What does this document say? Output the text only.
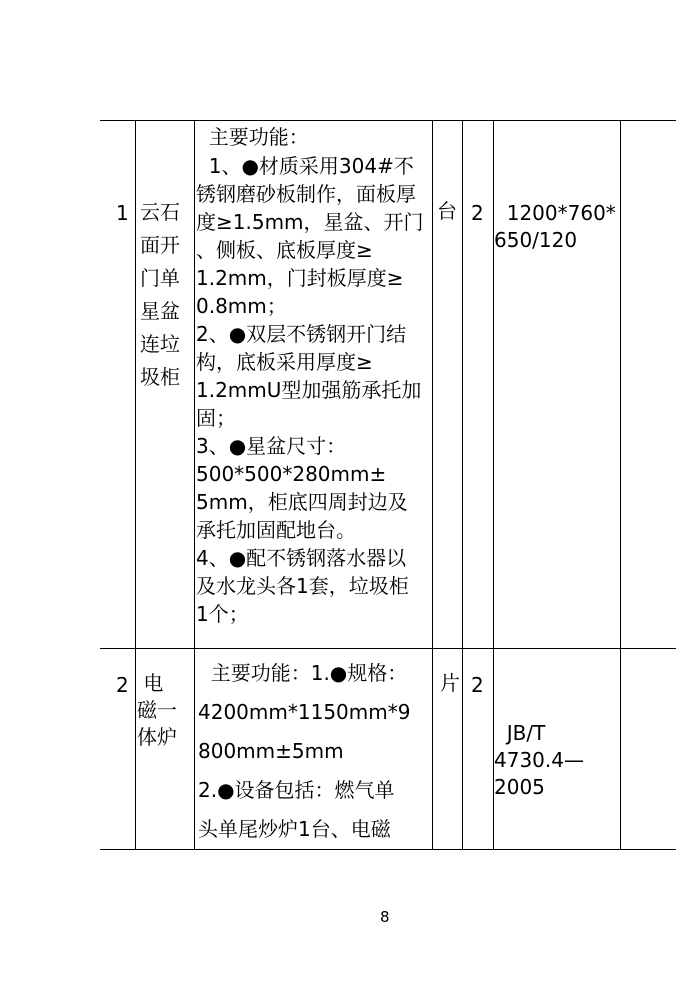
1 云石
面开
门单
星盆
连垃
圾柜
主要功能：
1、●材质采用304#不
锈钢磨砂板制作，面板厚
度≥1.5mm，星盆、开门
、侧板、底板厚度≥
1.2mm，门封板厚度≥
0.8mm；
2、●双层不锈钢开门结
构，底板采用厚度≥
1.2mmU型加强筋承托加
固；
3、●星盆尺寸：
500*500*280mm±
5mm，柜底四周封边及
承托加固配地台。
4、●配不锈钢落水器以
及水龙头各1套，垃圾柜
1个；
台 2 1200*760*
650/120
2 电
磁一
体炉
主要功能：1.●规格：
4200mm*1150mm*9
800mm±5mm
2.●设备包括：燃气单
头单尾炒炉1台、电磁
片 2
JB/T
4730.4—
2005
8
